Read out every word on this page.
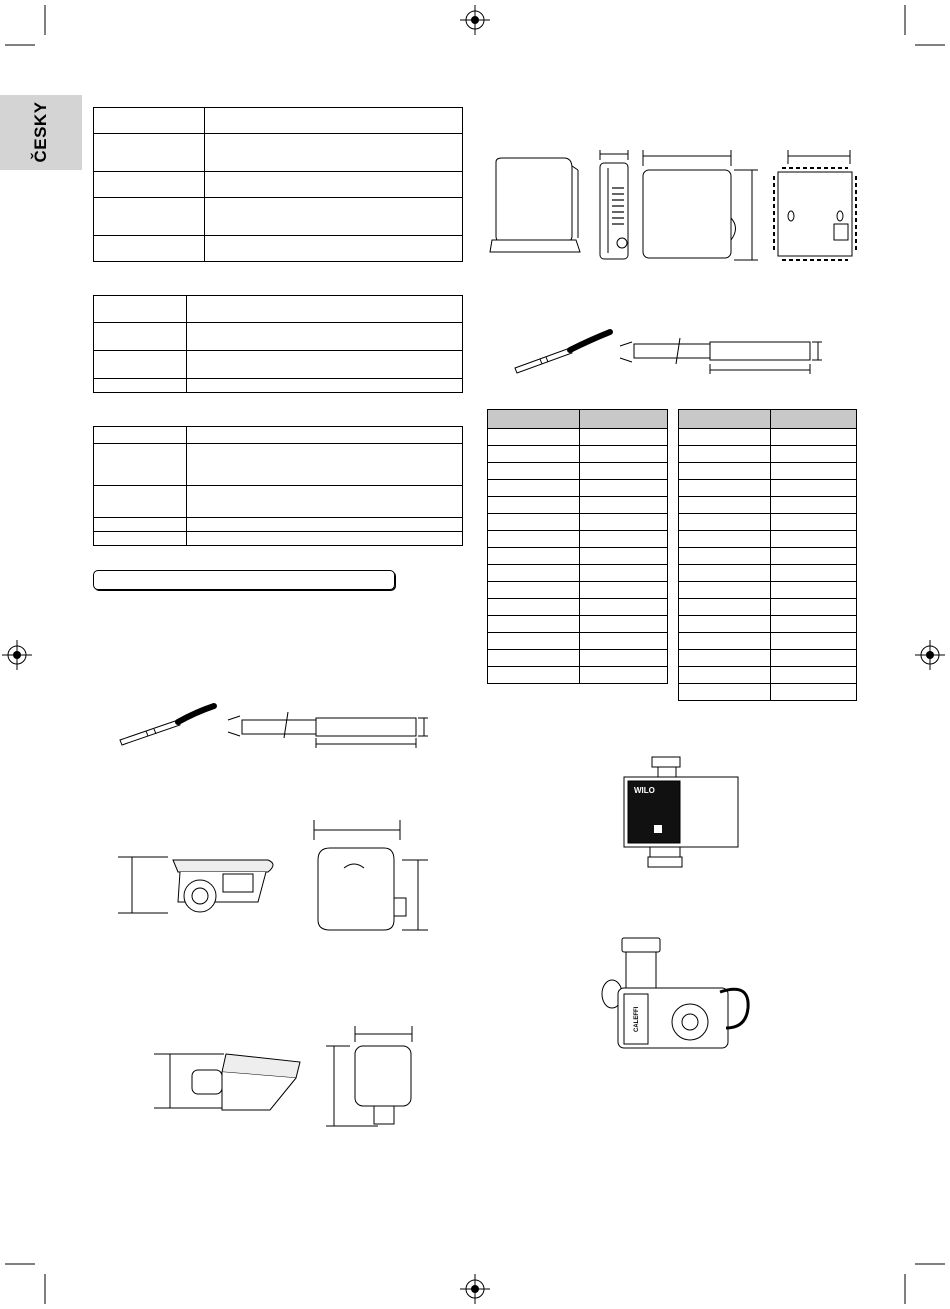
ČESKY

WILO
CALEFFI
